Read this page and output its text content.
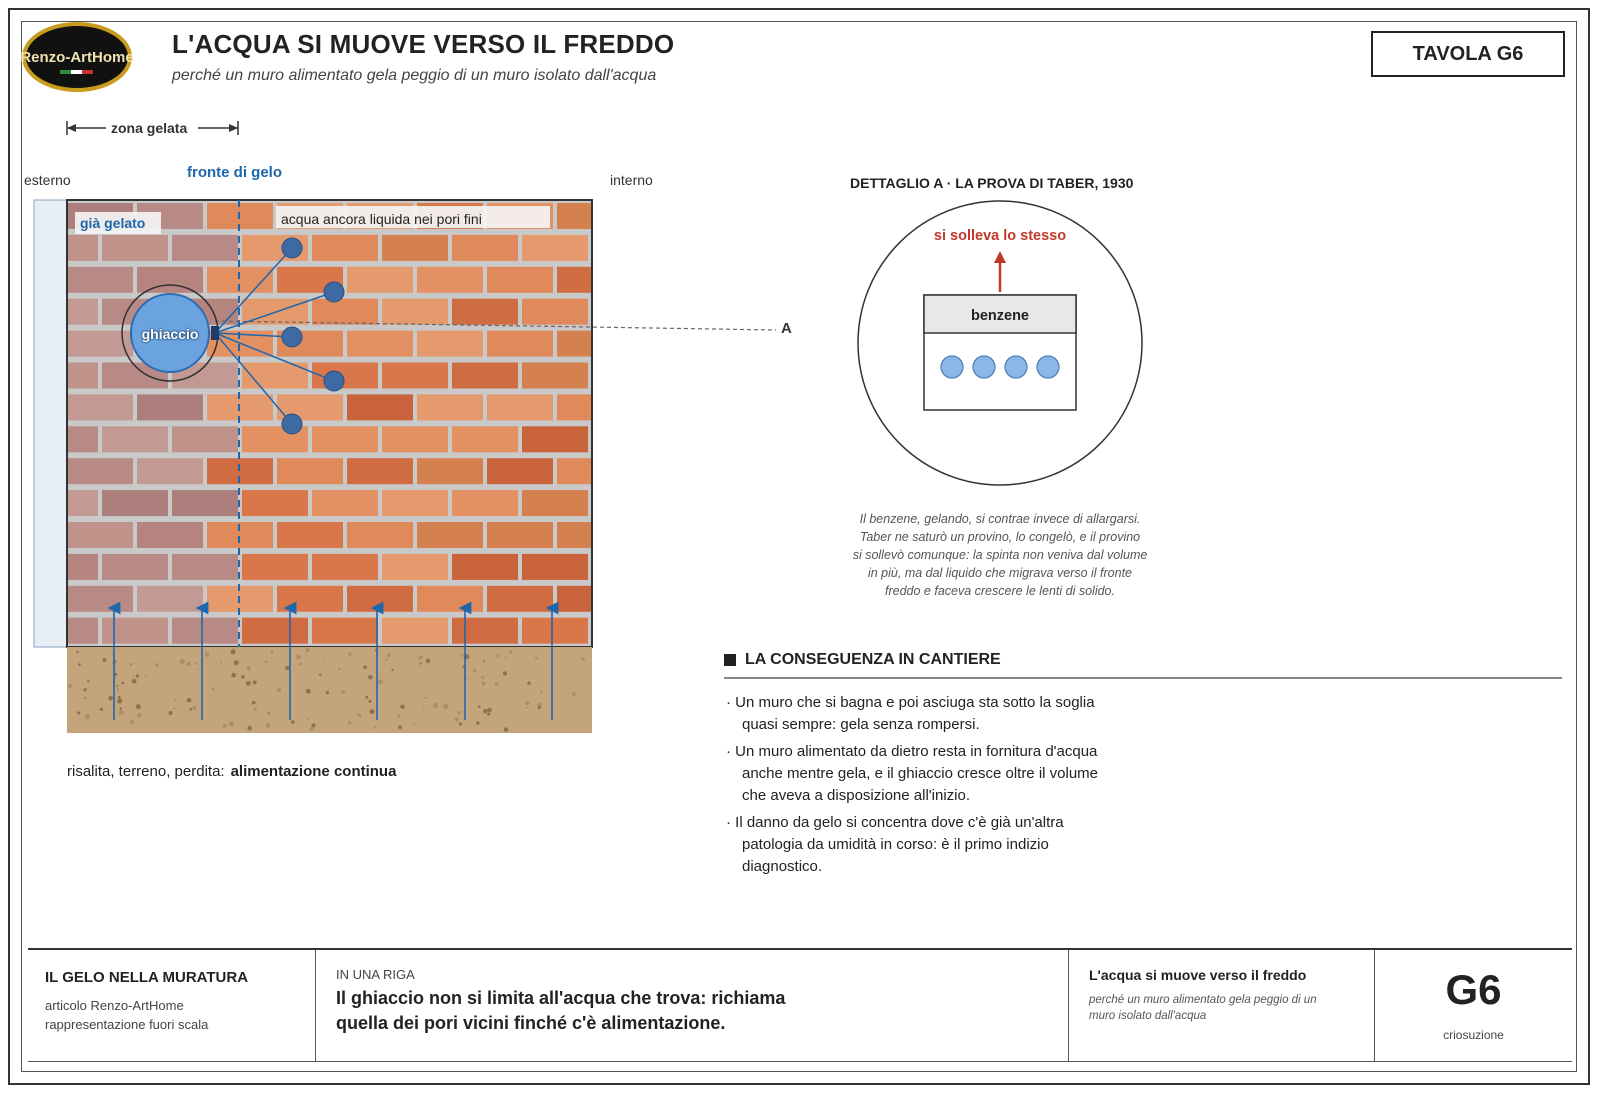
Renzo-ArtHome L'ACQUA SI MUOVE VERSO IL FREDDO
perché un muro alimentato gela peggio di un muro isolato dall'acqua
TAVOLA G6
zona gelata
fronte di gelo
esterno	interno
già gelato	acqua ancora liquida nei pori fini
ghiaccio	A
risalita, terreno, perdita: alimentazione continua
DETTAGLIO A · LA PROVA DI TABER, 1930
si solleva lo stesso
benzene
Il benzene, gelando, si contrae invece di allargarsi.
Taber ne saturò un provino, lo congelò, e il provino
si sollevò comunque: la spinta non veniva dal volume
in più, ma dal liquido che migrava verso il fronte
freddo e faceva crescere le lenti di solido.
LA CONSEGUENZA IN CANTIERE
· Un muro che si bagna e poi asciuga sta sotto la soglia
quasi sempre: gela senza rompersi.
· Un muro alimentato da dietro resta in fornitura d'acqua
anche mentre gela, e il ghiaccio cresce oltre il volume
che aveva a disposizione all'inizio.
· Il danno da gelo si concentra dove c'è già un'altra
patologia da umidità in corso: è il primo indizio
diagnostico.
IL GELO NELLA MURATURA
articolo Renzo-ArtHome
rappresentazione fuori scala
IN UNA RIGA
Il ghiaccio non si limita all'acqua che trova: richiama
quella dei pori vicini finché c'è alimentazione.
L'acqua si muove verso il freddo
perché un muro alimentato gela peggio di un
muro isolato dall'acqua
G6
criosuzione
